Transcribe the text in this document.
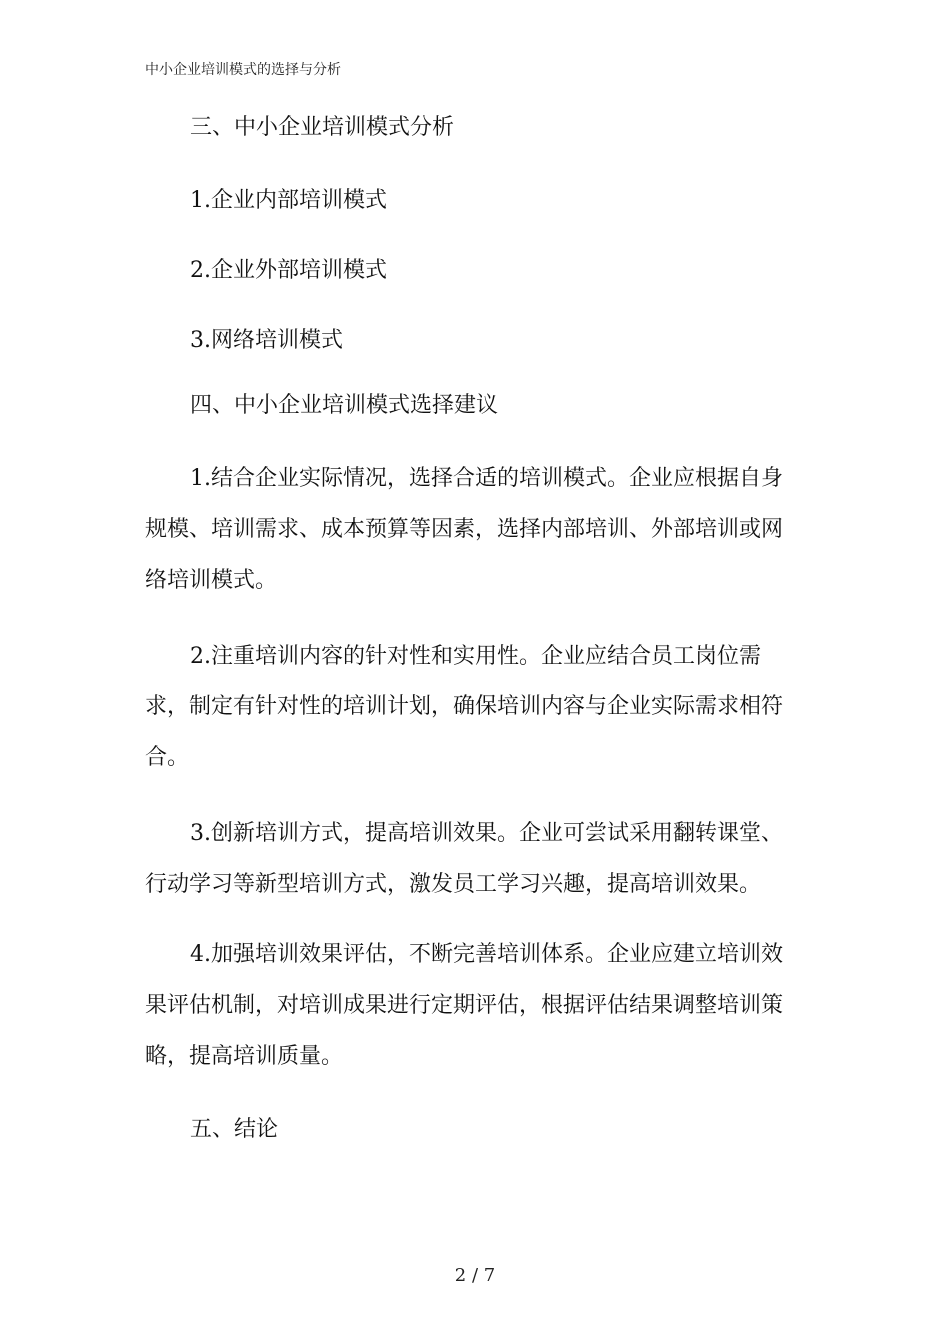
中小企业培训模式的选择与分析
三、中小企业培训模式分析
1.企业内部培训模式
2.企业外部培训模式
3.网络培训模式
四、中小企业培训模式选择建议
1.结合企业实际情况，选择合适的培训模式。企业应根据自身
规模、培训需求、成本预算等因素，选择内部培训、外部培训或网
络培训模式。
2.注重培训内容的针对性和实用性。企业应结合员工岗位需
求，制定有针对性的培训计划，确保培训内容与企业实际需求相符
合。
3.创新培训方式，提高培训效果。企业可尝试采用翻转课堂、
行动学习等新型培训方式，激发员工学习兴趣，提高培训效果。
4.加强培训效果评估，不断完善培训体系。企业应建立培训效
果评估机制，对培训成果进行定期评估，根据评估结果调整培训策
略，提高培训质量。
五、结论
2 / 7
